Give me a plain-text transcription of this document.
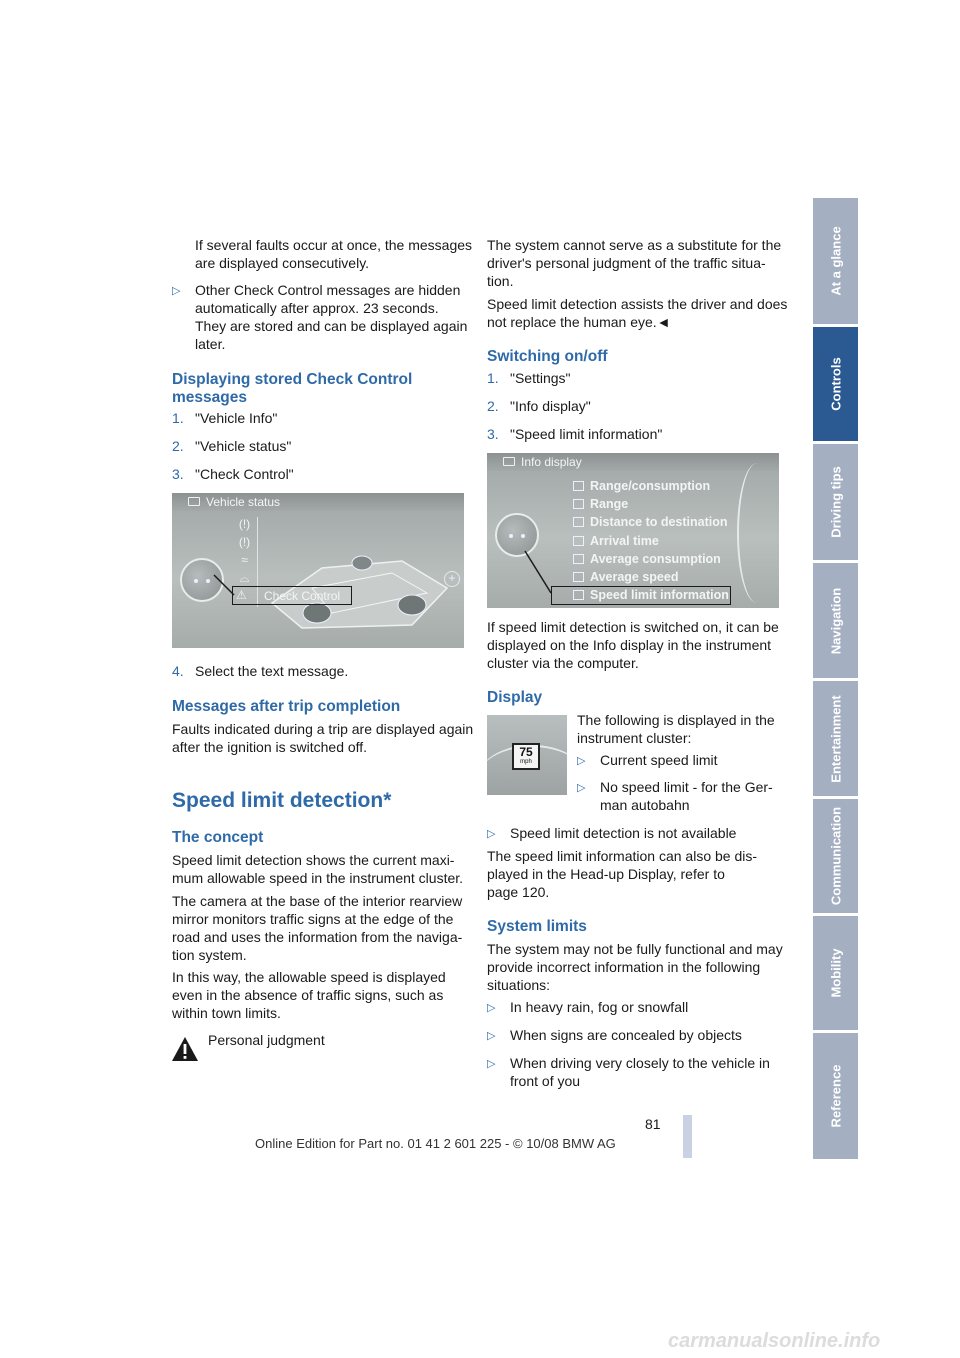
At a glance
Controls
Driving tips
Navigation
Entertainment
Communication
Mobility
Reference
If several faults occur at once, the messages
are displayed consecutively.
▷ Other Check Control messages are hidden
automatically after approx. 23 seconds.
They are stored and can be displayed again
later.
Displaying stored Check Control
messages
1. "Vehicle Info"
2. "Vehicle status"
3. "Check Control"
Vehicle status
+
(!)
(!)
≈
⌓
⚠ Check Control
4. Select the text message.
Messages after trip completion
Faults indicated during a trip are displayed again
after the ignition is switched off.
Speed limit detection*
The concept
Speed limit detection shows the current maxi-
mum allowable speed in the instrument cluster.
The camera at the base of the interior rearview
mirror monitors traffic signs at the edge of the
road and uses the information from the naviga-
tion system.
In this way, the allowable speed is displayed
even in the absence of traffic signs, such as
within town limits.
Personal judgment
The system cannot serve as a substitute for the
driver's personal judgment of the traffic situa-
tion.
Speed limit detection assists the driver and does
not replace the human eye.◄
Switching on/off
1. "Settings"
2. "Info display"
3. "Speed limit information"
Info display
Range/consumption
Range
Distance to destination
Arrival time
Average consumption
Average speed
Speed limit information
If speed limit detection is switched on, it can be
displayed on the Info display in the instrument
cluster via the computer.
Display
75
mph
The following is displayed in the
instrument cluster:
▷ Current speed limit
▷ No speed limit - for the Ger-
man autobahn
▷ Speed limit detection is not available
The speed limit information can also be dis-
played in the Head-up Display, refer to
page 120.
System limits
The system may not be fully functional and may
provide incorrect information in the following
situations:
▷ In heavy rain, fog or snowfall
▷ When signs are concealed by objects
▷ When driving very closely to the vehicle in
front of you
81
Online Edition for Part no. 01 41 2 601 225 - © 10/08 BMW AG
carmanualsonline.info
